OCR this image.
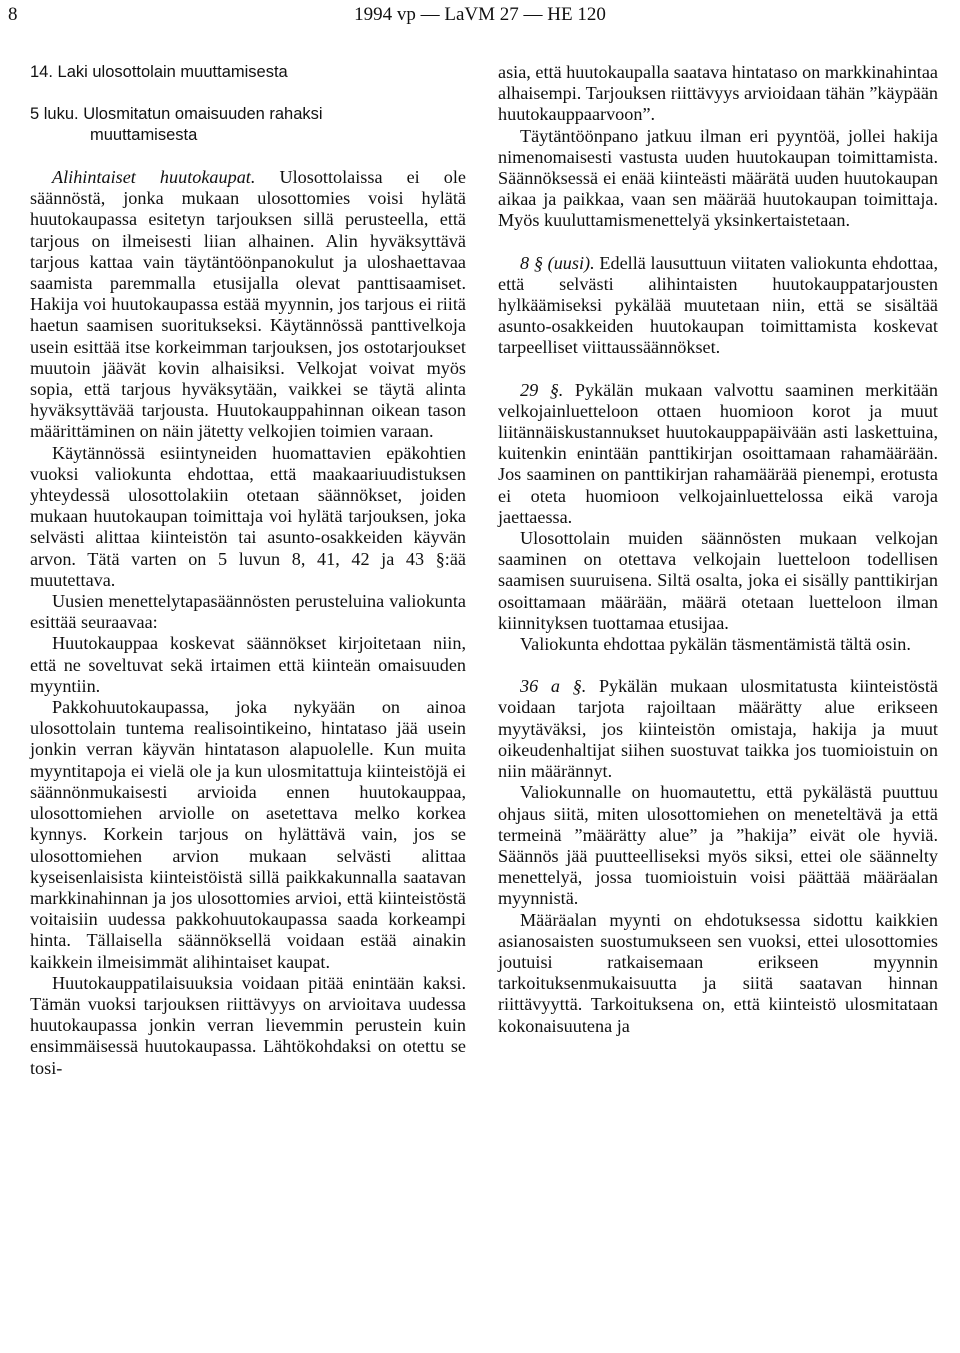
8	1994 vp — LaVM 27 — HE 120

14. Laki ulosottolain muuttamisesta

5 luku. Ulosmitatun omaisuuden rahaksi
muuttamisesta

Alihintaiset huutokaupat. Ulosottolaissa ei ole säännöstä, jonka mukaan ulosottomies voisi hylätä huutokaupassa esitetyn tarjouksen sillä perusteella, että tarjous on ilmeisesti liian alhainen. Alin hyväksyttävä tarjous kattaa vain täytäntöönpanokulut ja uloshaettavaa saamista paremmalla etusijalla olevat panttisaamiset. Hakija voi huutokaupassa estää myynnin, jos tarjous ei riitä haetun saamisen suoritukseksi. Käytännössä panttivelkoja usein esittää itse korkeimman tarjouksen, jos ostotarjoukset muutoin jäävät kovin alhaisiksi. Velkojat voivat myös sopia, että tarjous hyväksytään, vaikkei se täytä alinta hyväksyttävää tarjousta. Huutokauppahinnan oikean tason määrittäminen on näin jätetty velkojien toimien varaan.

Käytännössä esiintyneiden huomattavien epäkohtien vuoksi valiokunta ehdottaa, että maakaariuudistuksen yhteydessä ulosottolakiin otetaan säännökset, joiden mukaan huutokaupan toimittaja voi hylätä tarjouksen, joka selvästi alittaa kiinteistön tai asunto-osakkeiden käyvän arvon. Tätä varten on 5 luvun 8, 41, 42 ja 43 §:ää muutettava.

Uusien menettelytapasäännösten perusteluina valiokunta esittää seuraavaa:

Huutokauppaa koskevat säännökset kirjoitetaan niin, että ne soveltuvat sekä irtaimen että kiinteän omaisuuden myyntiin.

Pakkohuutokaupassa, joka nykyään on ainoa ulosottolain tuntema realisointikeino, hintataso jää usein jonkin verran käyvän hintatason alapuolelle. Kun muita myyntitapoja ei vielä ole ja kun ulosmitattuja kiinteistöjä ei säännönmukaisesti arvioida ennen huutokauppaa, ulosottomiehen arviolle on asetettava melko korkea kynnys. Korkein tarjous on hylättävä vain, jos se ulosottomiehen arvion mukaan selvästi alittaa kyseisenlaisista kiinteistöistä sillä paikkakunnalla saatavan markkinahinnan ja jos ulosottomies arvioi, että kiinteistöstä voitaisiin uudessa pakkohuutokaupassa saada korkeampi hinta. Tällaisella säännöksellä voidaan estää ainakin kaikkein ilmeisimmät alihintaiset kaupat.

Huutokauppatilaisuuksia voidaan pitää enintään kaksi. Tämän vuoksi tarjouksen riittävyys on arvioitava uudessa huutokaupassa jonkin verran lievemmin perustein kuin ensimmäisessä huutokaupassa. Lähtökohdaksi on otettu se tosi-

asia, että huutokaupalla saatava hintataso on markkinahintaa alhaisempi. Tarjouksen riittävyys arvioidaan tähän ”käypään huutokauppaarvoon”.

Täytäntöönpano jatkuu ilman eri pyyntöä, jollei hakija nimenomaisesti vastusta uuden huutokaupan toimittamista. Säännöksessä ei enää kiinteästi määrätä uuden huutokaupan aikaa ja paikkaa, vaan sen määrää huutokaupan toimittaja. Myös kuuluttamismenettelyä yksinkertaistetaan.

8 § (uusi). Edellä lausuttuun viitaten valiokunta ehdottaa, että selvästi alihintaisten huutokauppatarjousten hylkäämiseksi pykälää muutetaan niin, että se sisältää asunto-osakkeiden huutokaupan toimittamista koskevat tarpeelliset viittaussäännökset.

29 §. Pykälän mukaan valvottu saaminen merkitään velkojainluetteloon ottaen huomioon korot ja muut liitännäiskustannukset huutokauppapäivään asti laskettuina, kuitenkin enintään panttikirjan osoittamaan rahamäärään. Jos saaminen on panttikirjan rahamäärää pienempi, erotusta ei oteta huomioon velkojainluettelossa eikä varoja jaettaessa.

Ulosottolain muiden säännösten mukaan velkojan saaminen on otettava velkojain luetteloon todellisen saamisen suuruisena. Siltä osalta, joka ei sisälly panttikirjan osoittamaan määrään, määrä otetaan luetteloon ilman kiinnityksen tuottamaa etusijaa.

Valiokunta ehdottaa pykälän täsmentämistä tältä osin.

36 a §. Pykälän mukaan ulosmitatusta kiinteistöstä voidaan tarjota rajoiltaan määrätty alue erikseen myytäväksi, jos kiinteistön omistaja, hakija ja muut oikeudenhaltijat siihen suostuvat taikka jos tuomioistuin on niin määrännyt.

Valiokunnalle on huomautettu, että pykälästä puuttuu ohjaus siitä, miten ulosottomiehen on meneteltävä ja että termeinä ”määrätty alue” ja ”hakija” eivät ole hyviä. Säännös jää puutteelliseksi myös siksi, ettei ole säännelty menettelyä, jossa tuomioistuin voisi päättää määräalan myynnistä.

Määräalan myynti on ehdotuksessa sidottu kaikkien asianosaisten suostumukseen sen vuoksi, ettei ulosottomies joutuisi ratkaisemaan erikseen myynnin tarkoituksenmukaisuutta ja siitä saatavan hinnan riittävyyttä. Tarkoituksena on, että kiinteistö ulosmitataan kokonaisuutena ja
